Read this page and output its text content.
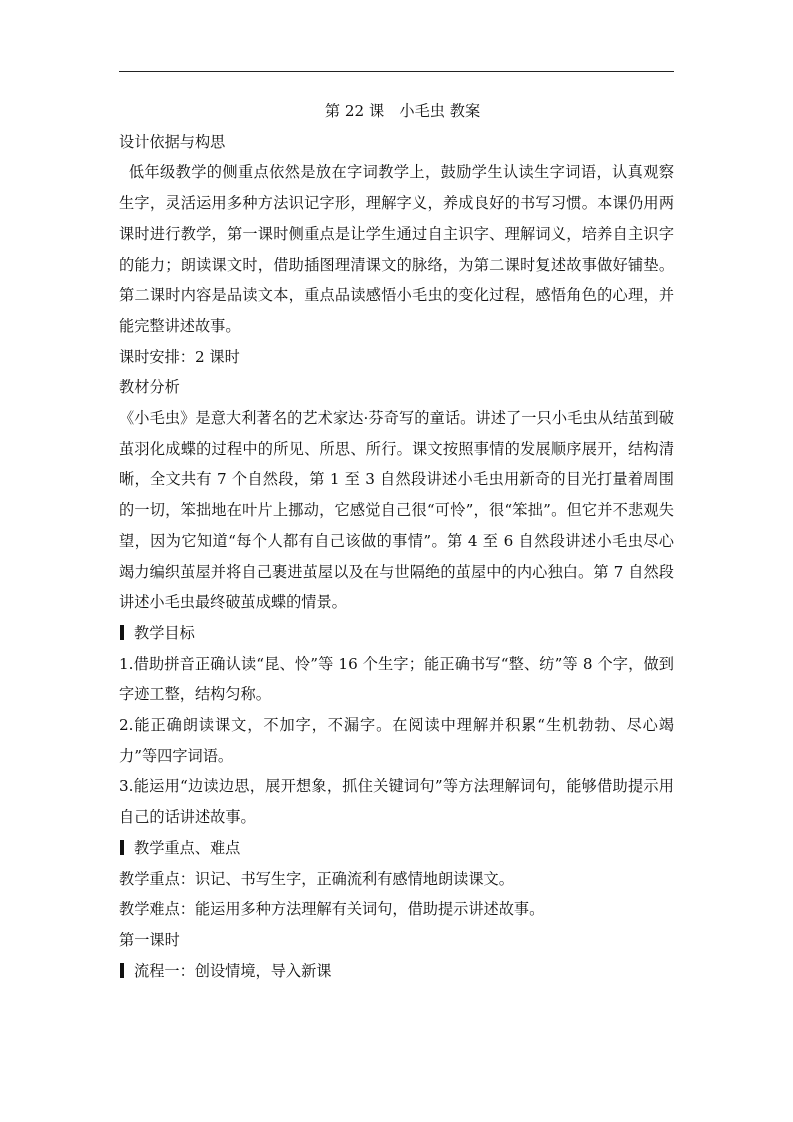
第 22 课　小毛虫 教案

设计依据与构思

低年级教学的侧重点依然是放在字词教学上，鼓励学生认读生字词语，认真观察生字，灵活运用多种方法识记字形，理解字义，养成良好的书写习惯。本课仍用两课时进行教学，第一课时侧重点是让学生通过自主识字、理解词义，培养自主识字的能力；朗读课文时，借助插图理清课文的脉络，为第二课时复述故事做好铺垫。第二课时内容是品读文本，重点品读感悟小毛虫的变化过程，感悟角色的心理，并能完整讲述故事。

课时安排：2 课时

教材分析

《小毛虫》是意大利著名的艺术家达·芬奇写的童话。讲述了一只小毛虫从结茧到破茧羽化成蝶的过程中的所见、所思、所行。课文按照事情的发展顺序展开，结构清晰，全文共有 7 个自然段，第 1 至 3 自然段讲述小毛虫用新奇的目光打量着周围的一切，笨拙地在叶片上挪动，它感觉自己很“可怜”，很“笨拙”。但它并不悲观失望，因为它知道“每个人都有自己该做的事情”。第 4 至 6 自然段讲述小毛虫尽心竭力编织茧屋并将自己裹进茧屋以及在与世隔绝的茧屋中的内心独白。第 7 自然段讲述小毛虫最终破茧成蝶的情景。

教学目标

1.借助拼音正确认读“昆、怜”等 16 个生字；能正确书写“整、纺”等 8 个字，做到字迹工整，结构匀称。

2.能正确朗读课文，不加字，不漏字。在阅读中理解并积累“生机勃勃、尽心竭力”等四字词语。

3.能运用“边读边思，展开想象，抓住关键词句”等方法理解词句，能够借助提示用自己的话讲述故事。

教学重点、难点

教学重点：识记、书写生字，正确流利有感情地朗读课文。

教学难点：能运用多种方法理解有关词句，借助提示讲述故事。

第一课时

流程一：创设情境，导入新课
